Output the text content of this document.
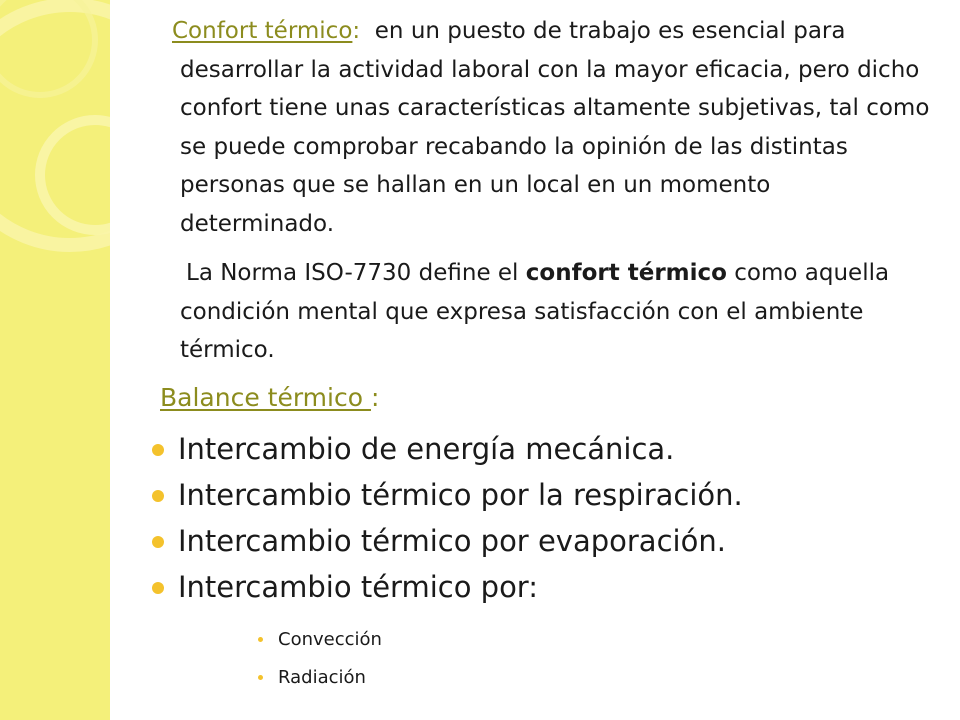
Confort térmico:  en un puesto de trabajo es esencial para desarrollar la actividad laboral con la mayor eficacia, pero dicho confort tiene unas características altamente subjetivas, tal como se puede comprobar recabando la opinión de las distintas personas que se hallan en un local en un momento determinado.
La Norma ISO-7730 define el confort térmico como aquella condición mental que expresa satisfacción con el ambiente térmico.
Balance térmico :
Intercambio de energía mecánica.
Intercambio térmico por la respiración.
Intercambio térmico por evaporación.
Intercambio térmico por:
Convección
Radiación
